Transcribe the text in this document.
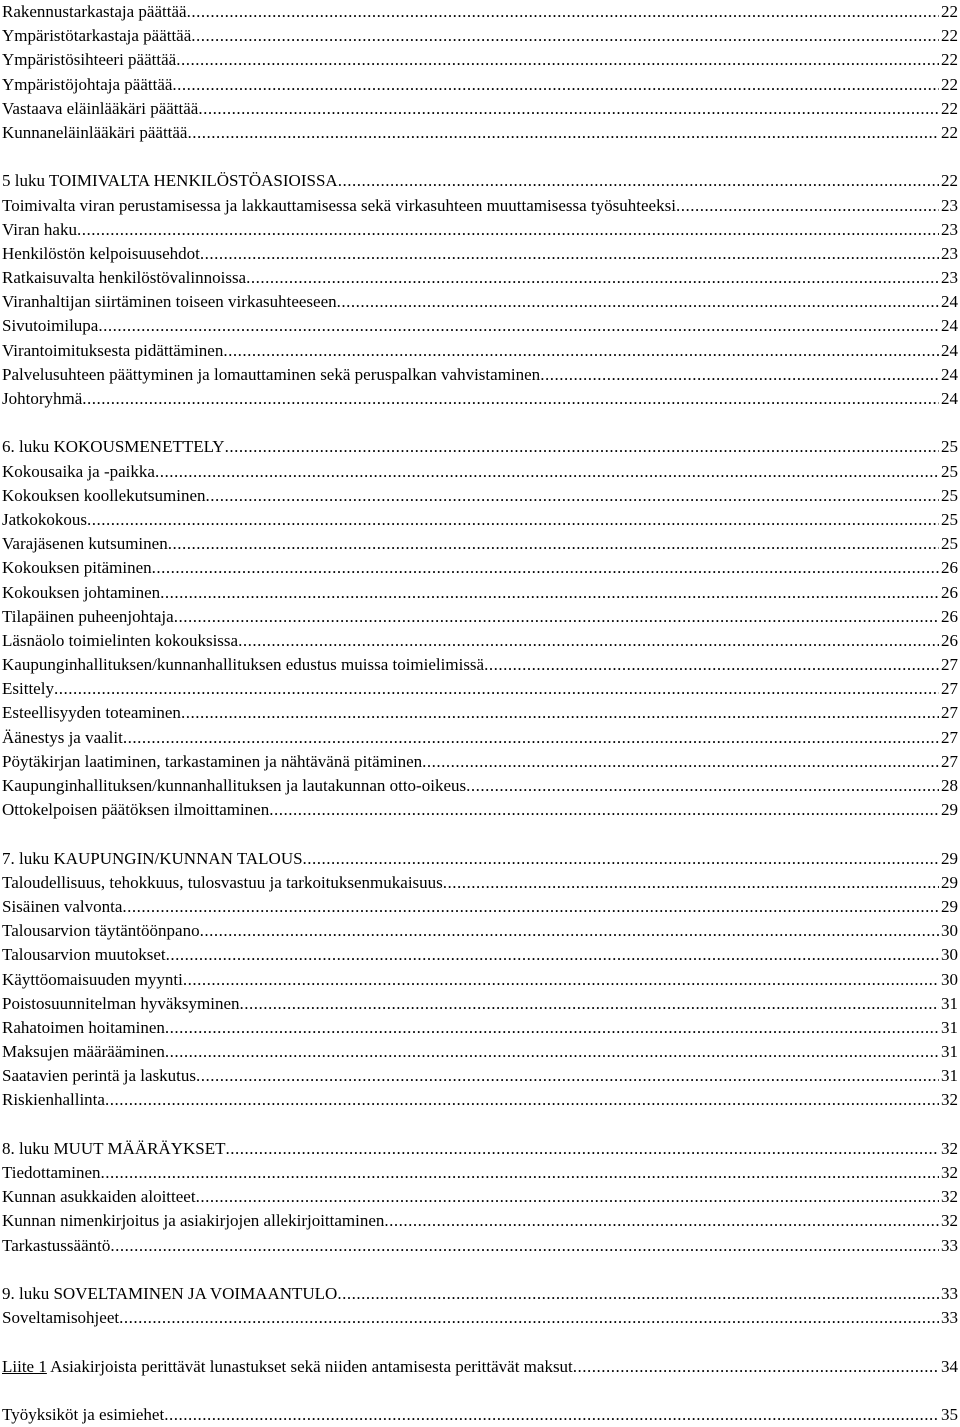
Rakennustarkastaja päättää .....	22
Ympäristötarkastaja päättää .....	22
Ympäristösihteeri päättää .....	22
Ympäristöjohtaja päättää .....	22
Vastaava eläinlääkäri päättää .....	22
Kunnaneläinlääkäri päättää .....	22
5 luku TOIMIVALTA HENKILÖSTÖASIOISSA .....	22
Toimivalta viran perustamisessa ja lakkauttamisessa sekä virkasuhteen muuttamisessa työsuhteeksi .....	23
Viran haku .....	23
Henkilöstön kelpoisuusehdot .....	23
Ratkaisuvalta henkilöstövalinnoissa .....	23
Viranhaltijan siirtäminen toiseen virkasuhteeseen .....	24
Sivutoimilupa .....	24
Virantoimituksesta pidättäminen .....	24
Palvelusuhteen päättyminen ja lomauttaminen sekä peruspalkan vahvistaminen .....	24
Johtoryhmä .....	24
6. luku KOKOUSMENETTELY .....	25
Kokousaika ja -paikka .....	25
Kokouksen koollekutsuminen .....	25
Jatkokokous .....	25
Varajäsenen kutsuminen .....	25
Kokouksen pitäminen .....	26
Kokouksen johtaminen .....	26
Tilapäinen puheenjohtaja .....	26
Läsnäolo toimielinten kokouksissa .....	26
Kaupunginhallituksen/kunnanhallituksen edustus muissa toimielimissä .....	27
Esittely .....	27
Esteellisyyden toteaminen .....	27
Äänestys ja vaalit .....	27
Pöytäkirjan laatiminen, tarkastaminen ja nähtävänä pitäminen .....	27
Kaupunginhallituksen/kunnanhallituksen ja lautakunnan otto-oikeus .....	28
Ottokelpoisen päätöksen ilmoittaminen .....	29
7. luku KAUPUNGIN/KUNNAN TALOUS .....	29
Taloudellisuus, tehokkuus, tulosvastuu ja tarkoituksenmukaisuus .....	29
Sisäinen valvonta .....	29
Talousarvion täytäntöönpano .....	30
Talousarvion muutokset .....	30
Käyttöomaisuuden myynti .....	30
Poistosuunnitelman hyväksyminen .....	31
Rahatoimen hoitaminen .....	31
Maksujen määrääminen .....	31
Saatavien perintä ja laskutus .....	31
Riskienhallinta .....	32
8. luku MUUT MÄÄRÄYKSET .....	32
Tiedottaminen .....	32
Kunnan asukkaiden aloitteet .....	32
Kunnan nimenkirjoitus ja asiakirjojen allekirjoittaminen .....	32
Tarkastussääntö .....	33
9. luku SOVELTAMINEN JA VOIMAANTULO .....	33
Soveltamisohjeet .....	33
Liite 1 Asiakirjoista perittävät lunastukset sekä niiden antamisesta perittävät maksut .....	34
Työyksiköt ja esimiehet .....	35
